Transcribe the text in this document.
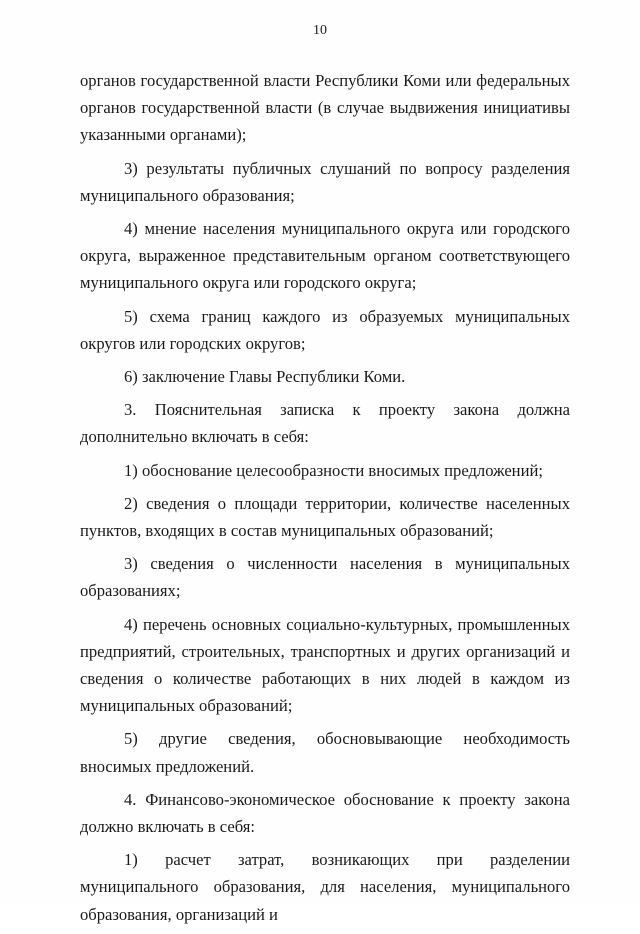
10

органов государственной власти Республики Коми или федеральных органов государственной власти (в случае выдвижения инициативы указанными органами);

3) результаты публичных слушаний по вопросу разделения муниципального образования;

4) мнение населения муниципального округа или городского округа, выраженное представительным органом соответствующего муниципального округа или городского округа;

5) схема границ каждого из образуемых муниципальных округов или городских округов;

6) заключение Главы Республики Коми.

3. Пояснительная записка к проекту закона должна дополнительно включать в себя:

1) обоснование целесообразности вносимых предложений;

2) сведения о площади территории, количестве населенных пунктов, входящих в состав муниципальных образований;

3) сведения о численности населения в муниципальных образованиях;

4) перечень основных социально-культурных, промышленных предприятий, строительных, транспортных и других организаций и сведения о количестве работающих в них людей в каждом из муниципальных образований;

5) другие сведения, обосновывающие необходимость вносимых предложений.

4. Финансово-экономическое обоснование к проекту закона должно включать в себя:

1) расчет затрат, возникающих при разделении муниципального образования, для населения, муниципального образования, организаций и
